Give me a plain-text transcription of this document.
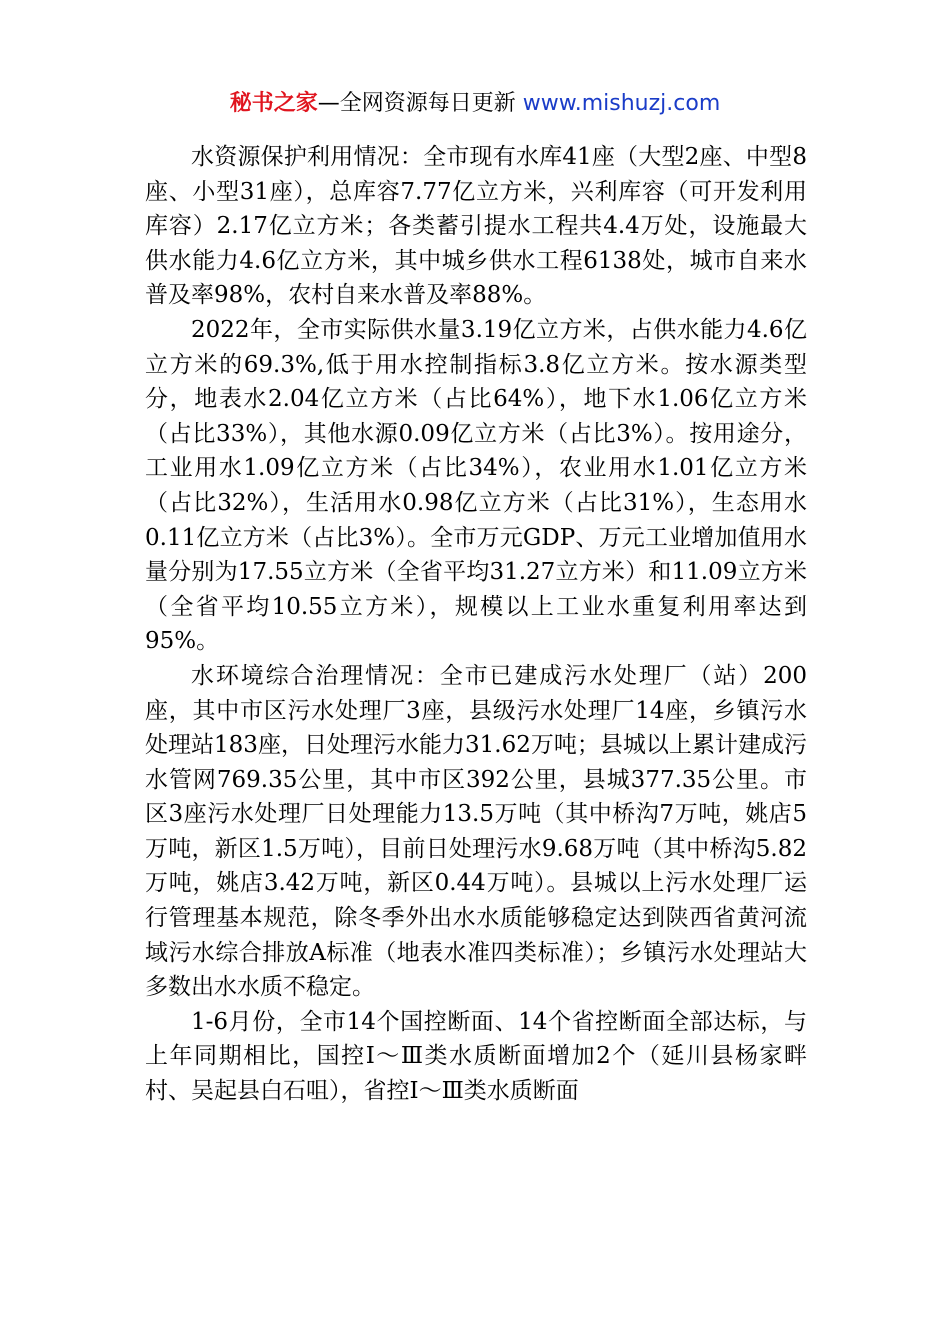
秘书之家—全网资源每日更新 www.mishuzj.com

水资源保护利用情况：全市现有水库41座（大型2座、中型8座、小型31座），总库容7.77亿立方米，兴利库容（可开发利用库容）2.17亿立方米；各类蓄引提水工程共4.4万处，设施最大供水能力4.6亿立方米，其中城乡供水工程6138处，城市自来水普及率98%，农村自来水普及率88%。

2022年，全市实际供水量3.19亿立方米，占供水能力4.6亿立方米的69.3%,低于用水控制指标3.8亿立方米。按水源类型分，地表水2.04亿立方米（占比64%），地下水1.06亿立方米（占比33%），其他水源0.09亿立方米（占比3%）。按用途分，工业用水1.09亿立方米（占比34%），农业用水1.01亿立方米（占比32%），生活用水0.98亿立方米（占比31%），生态用水0.11亿立方米（占比3%）。全市万元GDP、万元工业增加值用水量分别为17.55立方米（全省平均31.27立方米）和11.09立方米（全省平均10.55立方米），规模以上工业水重复利用率达到95%。

水环境综合治理情况：全市已建成污水处理厂（站）200座，其中市区污水处理厂3座，县级污水处理厂14座，乡镇污水处理站183座，日处理污水能力31.62万吨；县城以上累计建成污水管网769.35公里，其中市区392公里，县城377.35公里。市区3座污水处理厂日处理能力13.5万吨（其中桥沟7万吨，姚店5万吨，新区1.5万吨），目前日处理污水9.68万吨（其中桥沟5.82万吨，姚店3.42万吨，新区0.44万吨）。县城以上污水处理厂运行管理基本规范，除冬季外出水水质能够稳定达到陕西省黄河流域污水综合排放A标准（地表水准四类标准）；乡镇污水处理站大多数出水水质不稳定。

1-6月份，全市14个国控断面、14个省控断面全部达标，与上年同期相比，国控Ⅰ～Ⅲ类水质断面增加2个（延川县杨家畔村、吴起县白石咀），省控Ⅰ～Ⅲ类水质断面
